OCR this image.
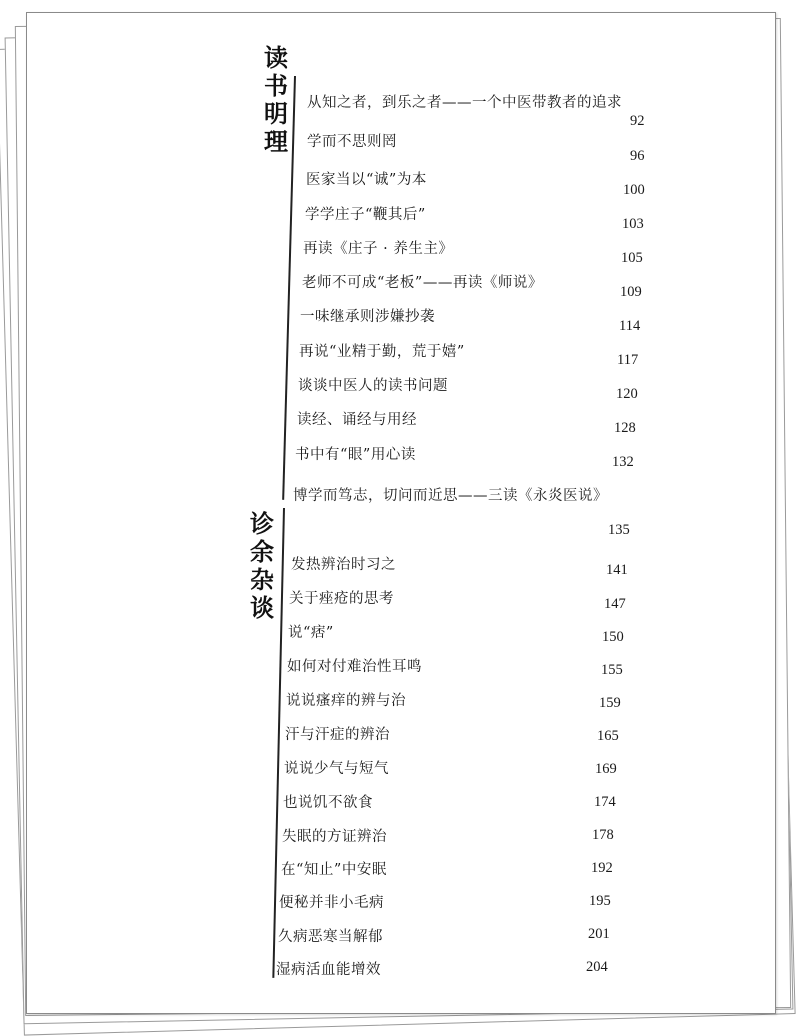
读
书
明
理
从知之者，到乐之者——一个中医带教者的追求
92
学而不思则罔
96
医家当以“诚”为本
100
学学庄子“鞭其后”
103
再读《庄子 · 养生主》
105
老师不可成“老板”——再读《师说》
109
一味继承则涉嫌抄袭
114
再说“业精于勤，荒于嬉”	117
谈谈中医人的读书问题	120
读经、诵经与用经	128
书中有“眼”用心读	132
博学而笃志，切问而近思——三读《永炎医说》
135
诊
余
杂
谈
发热辨治时习之	141
关于痤疮的思考	147
说“痞”	150
如何对付难治性耳鸣	155
说说瘙痒的辨与治	159
汗与汗症的辨治	165
说说少气与短气	169
也说饥不欲食	174
失眠的方证辨治	178
在“知止”中安眠	192
便秘并非小毛病	195
久病恶寒当解郁	201
湿病活血能增效	204
